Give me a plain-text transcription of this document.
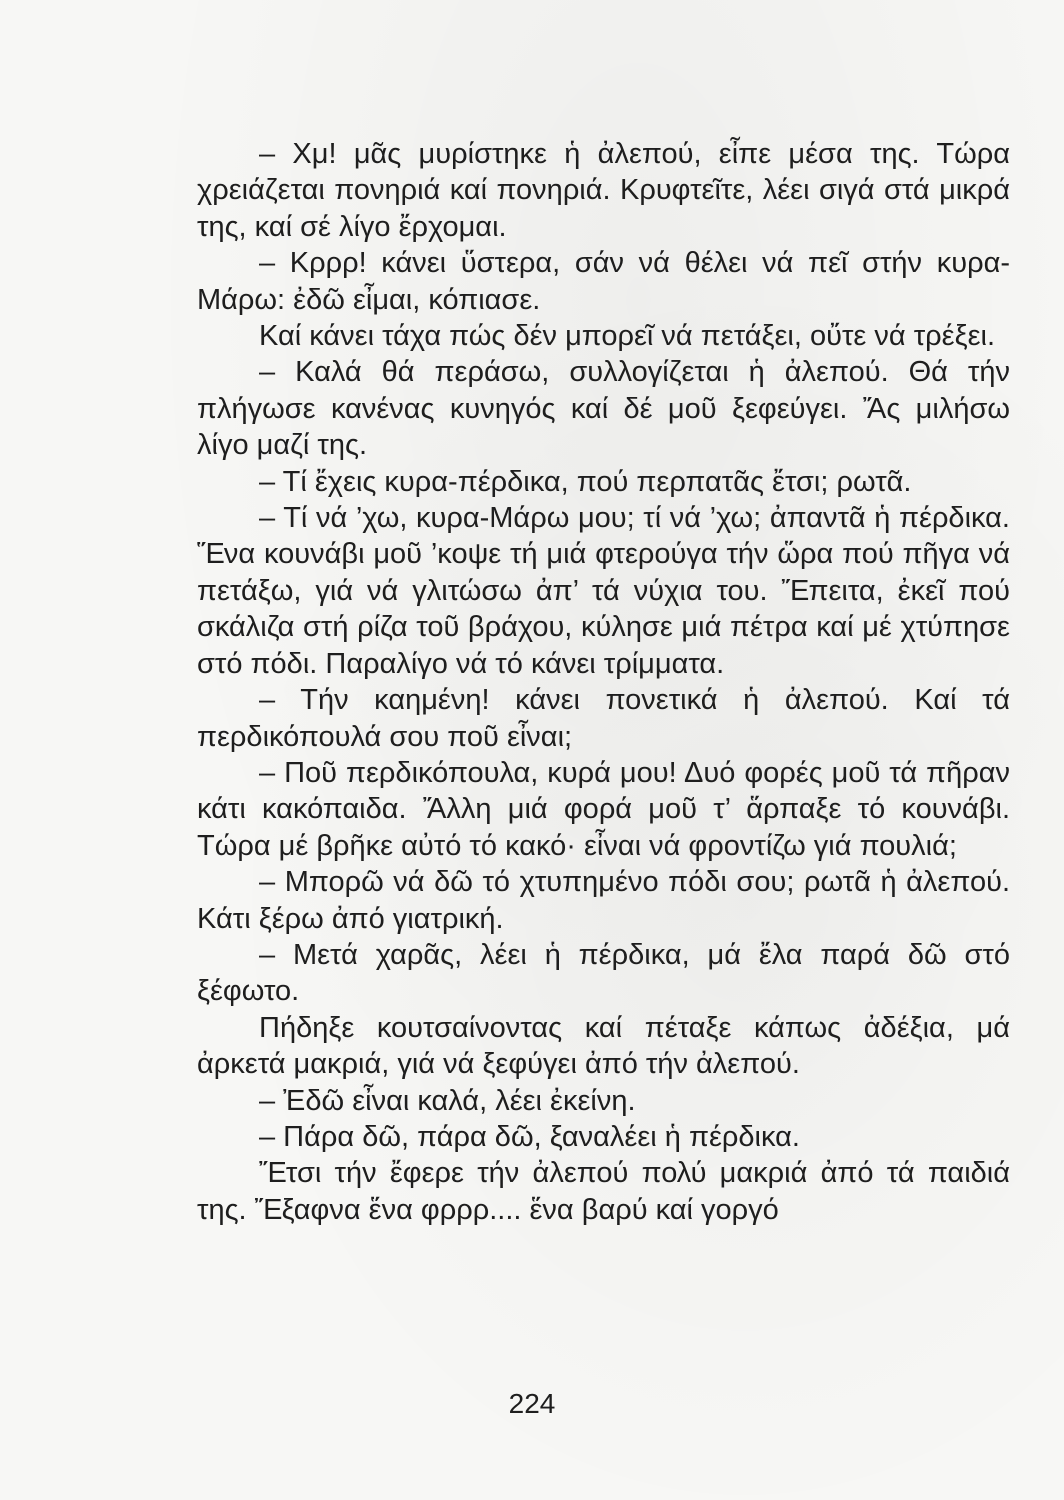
– Χμ! μᾶς μυρίστηκε ἡ ἀλεπού, εἶπε μέσα της. Τώρα χρειάζεται πονηριά καί πονηριά. Κρυφτεῖτε, λέει σιγά στά μικρά της, καί σέ λίγο ἔρχομαι.

– Κρρρ! κάνει ὕστερα, σάν νά θέλει νά πεῖ στήν κυρα-Μάρω: ἐδῶ εἶμαι, κόπιασε.

Καί κάνει τάχα πώς δέν μπορεῖ νά πετάξει, οὔτε νά τρέξει.

– Καλά θά περάσω, συλλογίζεται ἡ ἀλεπού. Θά τήν πλήγωσε κανένας κυνηγός καί δέ μοῦ ξεφεύγει. Ἄς μιλήσω λίγο μαζί της.

– Τί ἔχεις κυρα-πέρδικα, πού περπατᾶς ἔτσι; ρωτᾶ.

– Τί νά ’χω, κυρα-Μάρω μου; τί νά ’χω; ἀπαντᾶ ἡ πέρδικα. Ἕνα κουνάβι μοῦ ’κοψε τή μιά φτερούγα τήν ὥρα πού πῆγα νά πετάξω, γιά νά γλιτώσω ἀπ’ τά νύχια του. Ἔπειτα, ἐκεῖ πού σκάλιζα στή ρίζα τοῦ βράχου, κύλησε μιά πέτρα καί μέ χτύπησε στό πόδι. Παραλίγο νά τό κάνει τρίμματα.

– Τήν καημένη! κάνει πονετικά ἡ ἀλεπού. Καί τά περδικόπουλά σου ποῦ εἶναι;

– Ποῦ περδικόπουλα, κυρά μου! Δυό φορές μοῦ τά πῆραν κάτι κακόπαιδα. Ἄλλη μιά φορά μοῦ τ’ ἅρπαξε τό κουνάβι. Τώρα μέ βρῆκε αὐτό τό κακό· εἶναι νά φροντίζω γιά πουλιά;

– Μπορῶ νά δῶ τό χτυπημένο πόδι σου; ρωτᾶ ἡ ἀλεπού. Κάτι ξέρω ἀπό γιατρική.

– Μετά χαρᾶς, λέει ἡ πέρδικα, μά ἔλα παρά δῶ στό ξέφωτο.

Πήδηξε κουτσαίνοντας καί πέταξε κάπως ἀδέξια, μά ἀρκετά μακριά, γιά νά ξεφύγει ἀπό τήν ἀλεπού.

– Ἐδῶ εἶναι καλά, λέει ἐκείνη.

– Πάρα δῶ, πάρα δῶ, ξαναλέει ἡ πέρδικα.

Ἔτσι τήν ἔφερε τήν ἀλεπού πολύ μακριά ἀπό τά παιδιά της. Ἔξαφνα ἕνα φρρρ.... ἕνα βαρύ καί γοργό

224
